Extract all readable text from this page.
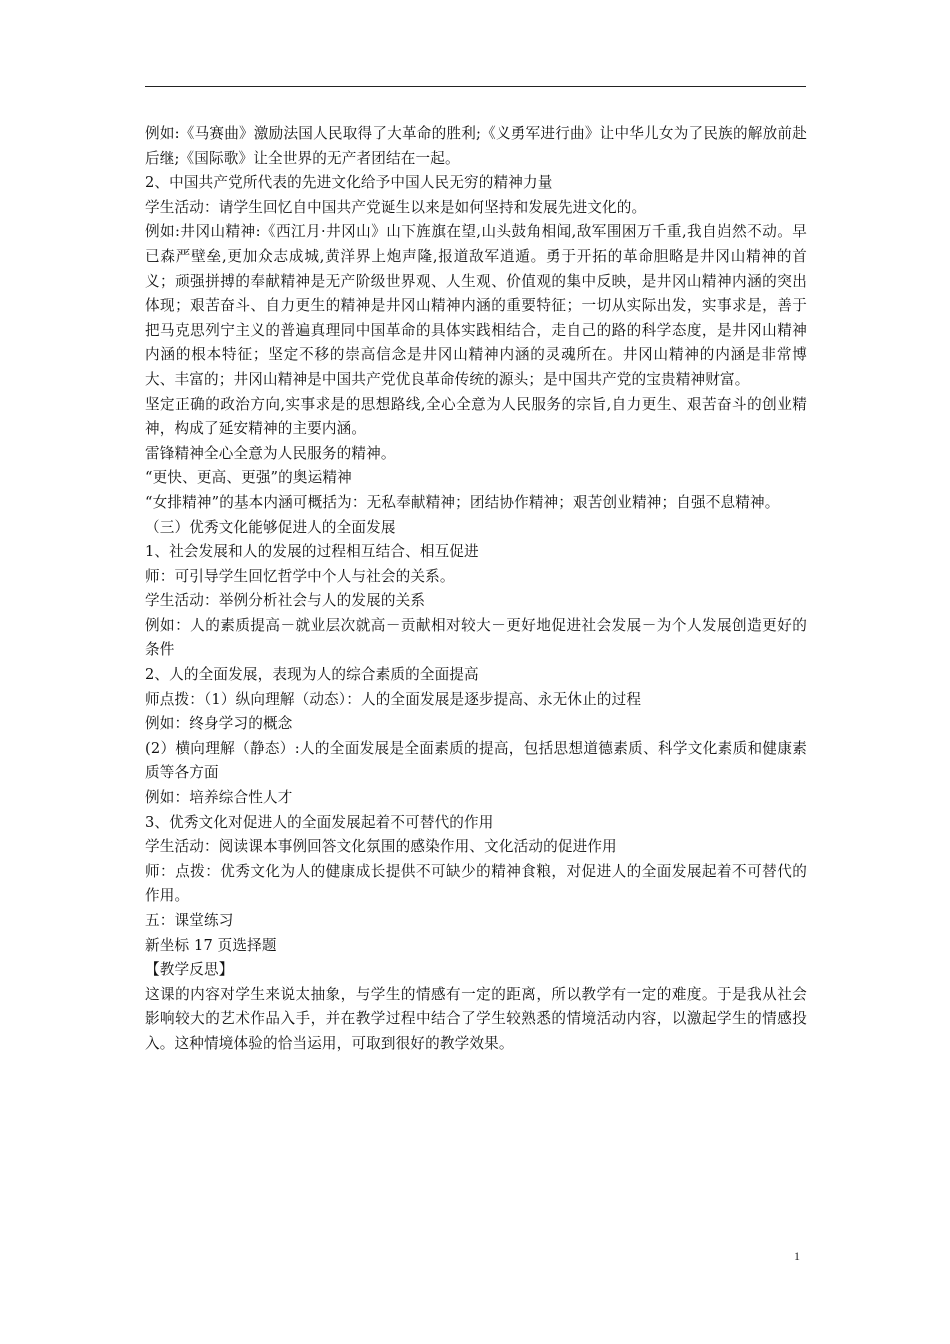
例如:《马赛曲》激励法国人民取得了大革命的胜利;《义勇军进行曲》让中华儿女为了民族的解放前赴后继;《国际歌》让全世界的无产者团结在一起。

2、中国共产党所代表的先进文化给予中国人民无穷的精神力量

学生活动：请学生回忆自中国共产党诞生以来是如何坚持和发展先进文化的。

例如:井冈山精神:《西江月·井冈山》山下旌旗在望,山头鼓角相闻,敌军围困万千重,我自岿然不动。早已森严壁垒,更加众志成城,黄洋界上炮声隆,报道敌军逍遁。勇于开拓的革命胆略是井冈山精神的首义；顽强拼搏的奉献精神是无产阶级世界观、人生观、价值观的集中反映，是井冈山精神内涵的突出体现；艰苦奋斗、自力更生的精神是井冈山精神内涵的重要特征；一切从实际出发，实事求是，善于把马克思列宁主义的普遍真理同中国革命的具体实践相结合，走自己的路的科学态度，是井冈山精神内涵的根本特征；坚定不移的崇高信念是井冈山精神内涵的灵魂所在。井冈山精神的内涵是非常博大、丰富的；井冈山精神是中国共产党优良革命传统的源头；是中国共产党的宝贵精神财富。

坚定正确的政治方向,实事求是的思想路线,全心全意为人民服务的宗旨,自力更生、艰苦奋斗的创业精神，构成了延安精神的主要内涵。

雷锋精神全心全意为人民服务的精神。

“更快、更高、更强”的奥运精神

“女排精神”的基本内涵可概括为：无私奉献精神；团结协作精神；艰苦创业精神；自强不息精神。

（三）优秀文化能够促进人的全面发展

1、社会发展和人的发展的过程相互结合、相互促进

师：可引导学生回忆哲学中个人与社会的关系。

学生活动：举例分析社会与人的发展的关系

例如：人的素质提高－就业层次就高－贡献相对较大－更好地促进社会发展－为个人发展创造更好的条件

2、人的全面发展，表现为人的综合素质的全面提高

师点拨：（1）纵向理解（动态）：人的全面发展是逐步提高、永无休止的过程

例如：终身学习的概念

(2）横向理解（静态）:人的全面发展是全面素质的提高，包括思想道德素质、科学文化素质和健康素质等各方面

例如：培养综合性人才

3、优秀文化对促进人的全面发展起着不可替代的作用

学生活动：阅读课本事例回答文化氛围的感染作用、文化活动的促进作用

师：点拨：优秀文化为人的健康成长提供不可缺少的精神食粮，对促进人的全面发展起着不可替代的作用。

五：课堂练习

新坐标 17 页选择题

【教学反思】

这课的内容对学生来说太抽象，与学生的情感有一定的距离，所以教学有一定的难度。于是我从社会影响较大的艺术作品入手，并在教学过程中结合了学生较熟悉的情境活动内容，以激起学生的情感投入。这种情境体验的恰当运用，可取到很好的教学效果。

1
